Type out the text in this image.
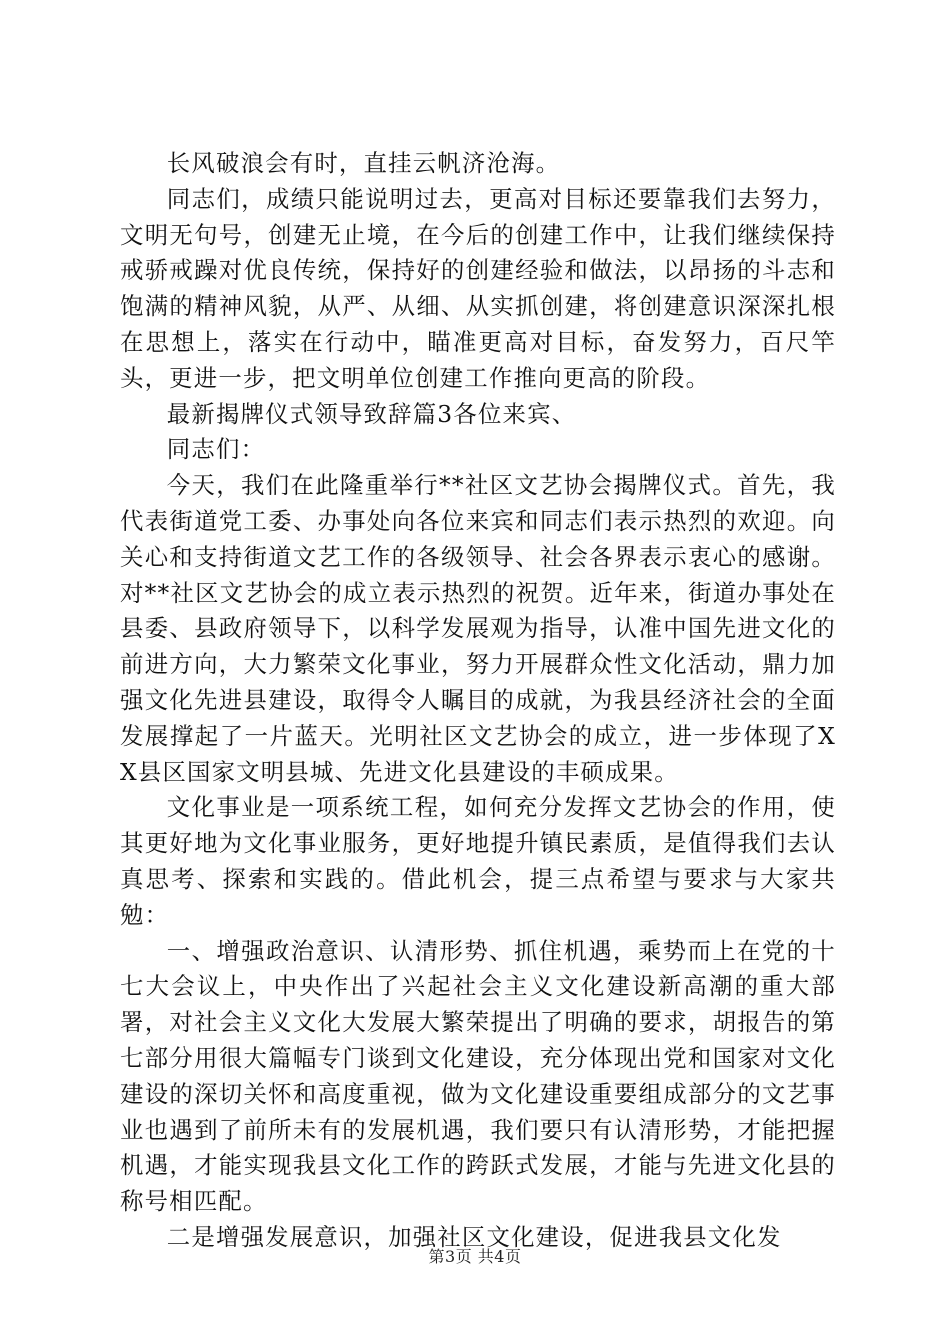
长风破浪会有时，直挂云帆济沧海。

同志们，成绩只能说明过去，更高对目标还要靠我们去努力，文明无句号，创建无止境，在今后的创建工作中，让我们继续保持戒骄戒躁对优良传统，保持好的创建经验和做法，以昂扬的斗志和饱满的精神风貌，从严、从细、从实抓创建，将创建意识深深扎根在思想上，落实在行动中，瞄准更高对目标，奋发努力，百尺竿头，更进一步，把文明单位创建工作推向更高的阶段。

最新揭牌仪式领导致辞篇3各位来宾、

同志们：

今天，我们在此隆重举行**社区文艺协会揭牌仪式。首先，我代表街道党工委、办事处向各位来宾和同志们表示热烈的欢迎。向关心和支持街道文艺工作的各级领导、社会各界表示衷心的感谢。对**社区文艺协会的成立表示热烈的祝贺。近年来，街道办事处在县委、县政府领导下，以科学发展观为指导，认准中国先进文化的前进方向，大力繁荣文化事业，努力开展群众性文化活动，鼎力加强文化先进县建设，取得令人瞩目的成就，为我县经济社会的全面发展撑起了一片蓝天。光明社区文艺协会的成立，进一步体现了XX县区国家文明县城、先进文化县建设的丰硕成果。

文化事业是一项系统工程，如何充分发挥文艺协会的作用，使其更好地为文化事业服务，更好地提升镇民素质，是值得我们去认真思考、探索和实践的。借此机会，提三点希望与要求与大家共勉：

一、增强政治意识、认清形势、抓住机遇，乘势而上在党的十七大会议上，中央作出了兴起社会主义文化建设新高潮的重大部署，对社会主义文化大发展大繁荣提出了明确的要求，胡报告的第七部分用很大篇幅专门谈到文化建设，充分体现出党和国家对文化建设的深切关怀和高度重视，做为文化建设重要组成部分的文艺事业也遇到了前所未有的发展机遇，我们要只有认清形势，才能把握机遇，才能实现我县文化工作的跨跃式发展，才能与先进文化县的称号相匹配。

二是增强发展意识，加强社区文化建设，促进我县文化发

第3页 共4页
